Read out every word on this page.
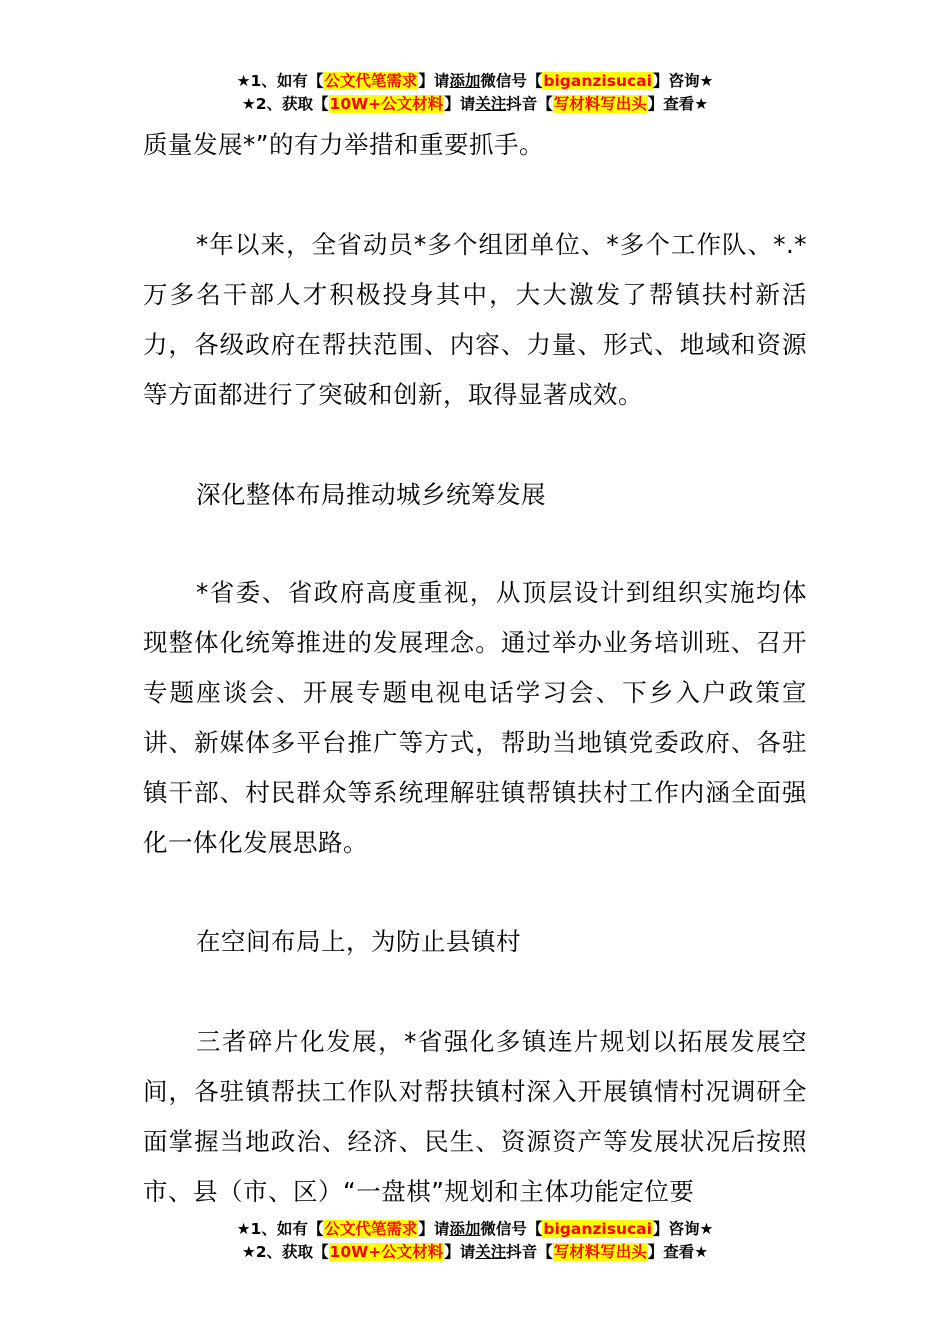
★1、如有【公文代笔需求】请添加微信号【biganzisucai】咨询★
★2、获取【10W+公文材料】请关注抖音【写材料写出头】查看★

质量发展*”的有力举措和重要抓手。

*年以来，全省动员*多个组团单位、*多个工作队、*.*万多名干部人才积极投身其中，大大激发了帮镇扶村新活力，各级政府在帮扶范围、内容、力量、形式、地域和资源等方面都进行了突破和创新，取得显著成效。

深化整体布局推动城乡统筹发展

*省委、省政府高度重视，从顶层设计到组织实施均体现整体化统筹推进的发展理念。通过举办业务培训班、召开专题座谈会、开展专题电视电话学习会、下乡入户政策宣讲、新媒体多平台推广等方式，帮助当地镇党委政府、各驻镇干部、村民群众等系统理解驻镇帮镇扶村工作内涵全面强化一体化发展思路。

在空间布局上，为防止县镇村

三者碎片化发展，*省强化多镇连片规划以拓展发展空间，各驻镇帮扶工作队对帮扶镇村深入开展镇情村况调研全面掌握当地政治、经济、民生、资源资产等发展状况后按照市、县（市、区）“一盘棋”规划和主体功能定位要

★1、如有【公文代笔需求】请添加微信号【biganzisucai】咨询★
★2、获取【10W+公文材料】请关注抖音【写材料写出头】查看★
